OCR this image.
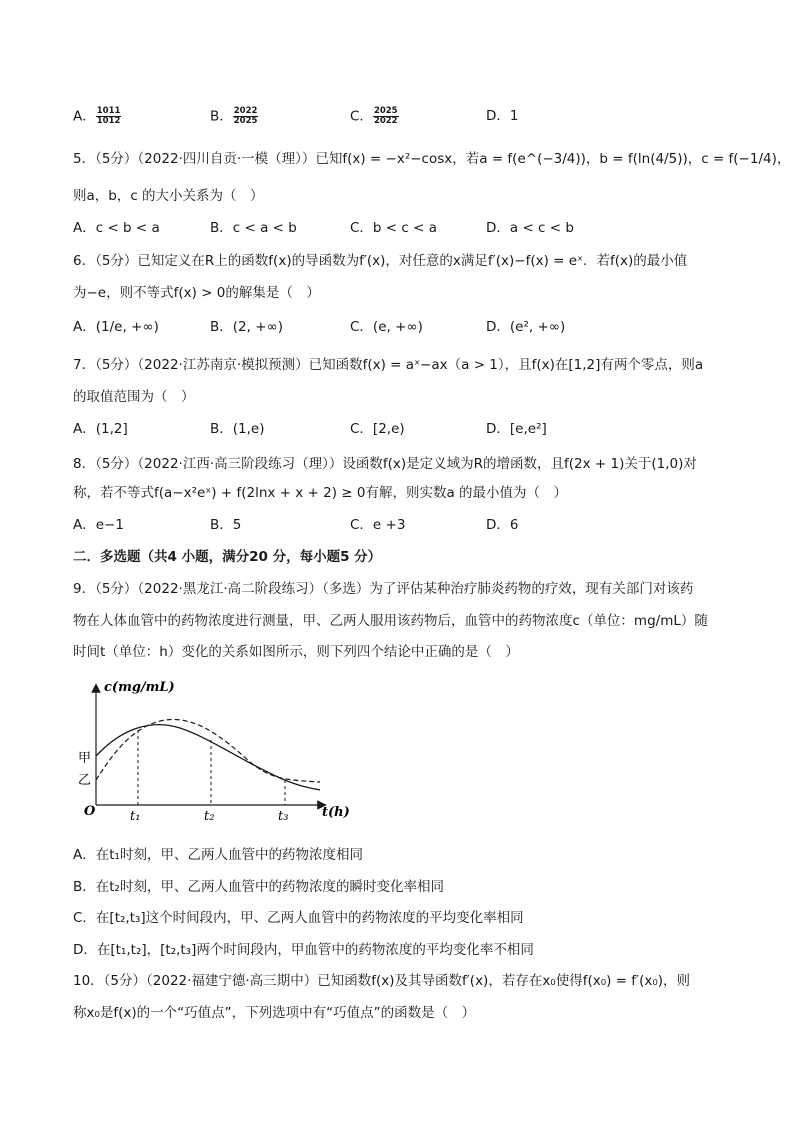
A． $\frac{1011}{1012}$	B． $\frac{2022}{2025}$	C． $\frac{2025}{2022}$	D．1
5．（5分）（2022·四川自贡·一模（理））已知f(x) = −x²−cosx，若a = f(e^(−3/4))，b = f(ln(4/5))，c = f(−1/4)，
则a，b，c 的大小关系为（　）
A．c < b < a	B．c < a < b	C．b < c < a	D．a < c < b
6．（5分）已知定义在R上的函数f(x)的导函数为f′(x)，对任意的x满足f′(x)−f(x) = eˣ．若f(x)的最小值
为−e，则不等式f(x) > 0的解集是（　）
A．(1/e, +∞)	B．(2, +∞)	C．(e, +∞)	D．(e², +∞)
7．（5分）（2022·江苏南京·模拟预测）已知函数f(x) = aˣ−ax（a > 1），且f(x)在[1,2]有两个零点，则a
的取值范围为（　）
A．(1,2]	B．(1,e)	C．[2,e)	D．[e,e²]
8．（5分）（2022·江西·高三阶段练习（理））设函数f(x)是定义域为R的增函数，且f(2x + 1)关于(1,0)对
称，若不等式f(a−x²eˣ) + f(2lnx + x + 2) ≥ 0有解，则实数a 的最小值为（　）
A．e−1	B．5	C．e +3	D．6
二．多选题（共4 小题，满分20 分，每小题5 分）
9．（5分）（2022·黑龙江·高二阶段练习）（多选）为了评估某种治疗肺炎药物的疗效，现有关部门对该药
物在人体血管中的药物浓度进行测量，甲、乙两人服用该药物后，血管中的药物浓度c（单位：mg/mL）随
时间t（单位：h）变化的关系如图所示，则下列四个结论中正确的是（　）
c(mg/mL)
t(h)
O
甲
乙
t₁	t₂	t₃
A．在t₁时刻，甲、乙两人血管中的药物浓度相同
B．在t₂时刻，甲、乙两人血管中的药物浓度的瞬时变化率相同
C．在[t₂,t₃]这个时间段内，甲、乙两人血管中的药物浓度的平均变化率相同
D．在[t₁,t₂]，[t₂,t₃]两个时间段内，甲血管中的药物浓度的平均变化率不相同
10．（5分）（2022·福建宁德·高三期中）已知函数f(x)及其导函数f′(x)，若存在x₀使得f(x₀) = f′(x₀)，则
称x₀是f(x)的一个“巧值点”，下列选项中有“巧值点”的函数是（　）
